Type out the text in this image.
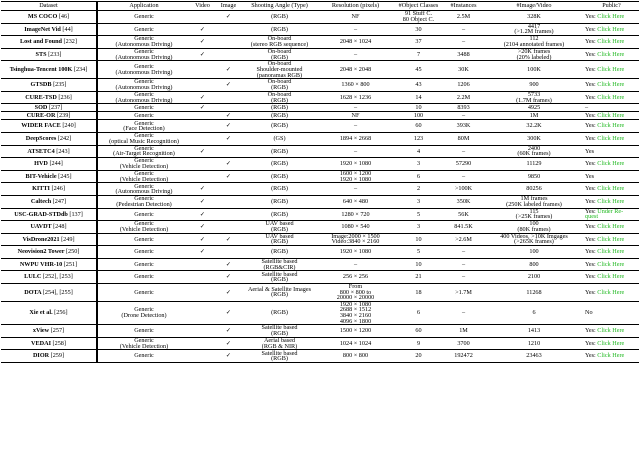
Dataset	Application	Video	Image	Shooting Angle (Type)	Resolution (pixels)	#Object Classes	#Instances	#Image/Video	Public?
MS COCO [46]	Generic		✓	(RGB)	NF	91 Stuff C.
80 Object C.	2.5M	328K	Yes: Click Here
ImageNet Vid [44]	Generic	✓		(RGB)	–	30	–	4417
(>1.2M frames)	Yes: Click Here
Lost and Found [232]	Generic
(Autonomous Driving)	✓		On-board
(stereo RGB sequence)	2048 × 1024	37	–	112
(2104 annotated frames)	Yes: Click Here
STS [233]	Generic
(Autonomous Driving)	✓		On-board
(RGB)	–	7	3488	>20K frames
(20% labeled)	Yes: Click Here
Tsinghua-Tencent 100K [234]	Generic
(Autonomous Driving)		✓	On-board
Shoulder-mounted
(panoramas RGB)	2048 × 2048	45	30K	100K	Yes: Click Here
GTSDB [235]	Generic
(Autonomous Driving)		✓	On-board
(RGB)	1360 × 800	43	1206	900	Yes: Click Here
CURE-TSD [236]	Generic
(Autonomous Driving)	✓		On-board
(RGB)	1628 × 1236	14	2.2M	5733
(1.7M frames)	Yes: Click Here
SOD [237]	Generic	✓		(RGB)	–	10	8393	4925	–
CURE-OR [239]	Generic		✓	(RGB)	NF	100	–	1M	Yes: Click Here
WIDER FACE [240]	Generic
(Face Detection)		✓	(RGB)	–	60	393K	32.2K	Yes: Click Here
DeepScores [242]	Generic
(optical Music Recognition)		✓	(GS)	1894 × 2668	123	80M	300K	Yes: Click Here
ATSETC4 [243]	Generic
(Air-Target Recognition)	✓		(RGB)	–	4	–	2400
(60K frames)	Yes
HVD [244]	Generic
(Vehicle Detection)		✓	(RGB)	1920 × 1080	3	57290	11129	Yes: Click Here
BIT-Vehicle [245]	Generic
(Vehicle Detection)		✓	(RGB)	1600 × 1200
1920 × 1080	6	–	9850	Yes
KITTI [246]	Generic
(Autonomous Driving)	✓		(RGB)	–	2	>100K	80256	Yes: Click Here
Caltech [247]	Generic
(Pedestrian Detection)	✓		(RGB)	640 × 480	3	350K	1M frames
(250K labeled frames)	Yes: Click Here
USC-GRAD-STDdb [137]	Generic	✓		(RGB)	1280 × 720	5	56K	115
(>25K frames)	Yes: Under Re-
quest
UAVDT [248]	Generic
(Vehicle Detection)	✓		UAV based
(RGB)	1080 × 540	3	841.5K	100
(80K frames)	Yes: Click Here
VisDrone2021 [249]	Generic	✓	✓	UAV based
(RGB)	Image:2000 × 1500
Video:3840 × 2160	10	>2.6M	400 Videos, >10K Imgages
(>265K frames)	Yes: Click Here
Neovision2 Tower [250]	Generic	✓		(RGB)	1920 × 1080	5	–	100	Yes: Click Here
NWPU VHR-10 [251]	Generic		✓	Satellite based
(RGB&CIR)	–	10	–	800	Yes: Click Here
LULC [252], [253]	Generic		✓	Satellite based
(RGB)	256 × 256	21	–	2100	Yes: Click Here
DOTA [254], [255]	Generic		✓	Aerial & Satellite Images
(RGB)	From
800 × 800 to
20000 × 20000	18	>1.7M	11268	Yes: Click Here
Xie et al. [256]	Generic
(Drone Detection)		✓	(RGB)	1920 × 1080
2688 × 1512
3840 × 2160
4096 × 1800	6	–	6	No
xView [257]	Generic		✓	Satellite based
(RGB)	1500 × 1200	60	1M	1413	Yes: Click Here
VEDAI [258]	Generic
(Vehicle Detection)		✓	Aerial based
(RGB & NIR)	1024 × 1024	9	3700	1210	Yes: Click Here
DIOR [259]	Generic		✓	Satellite based
(RGB)	800 × 800	20	192472	23463	Yes: Click Here
